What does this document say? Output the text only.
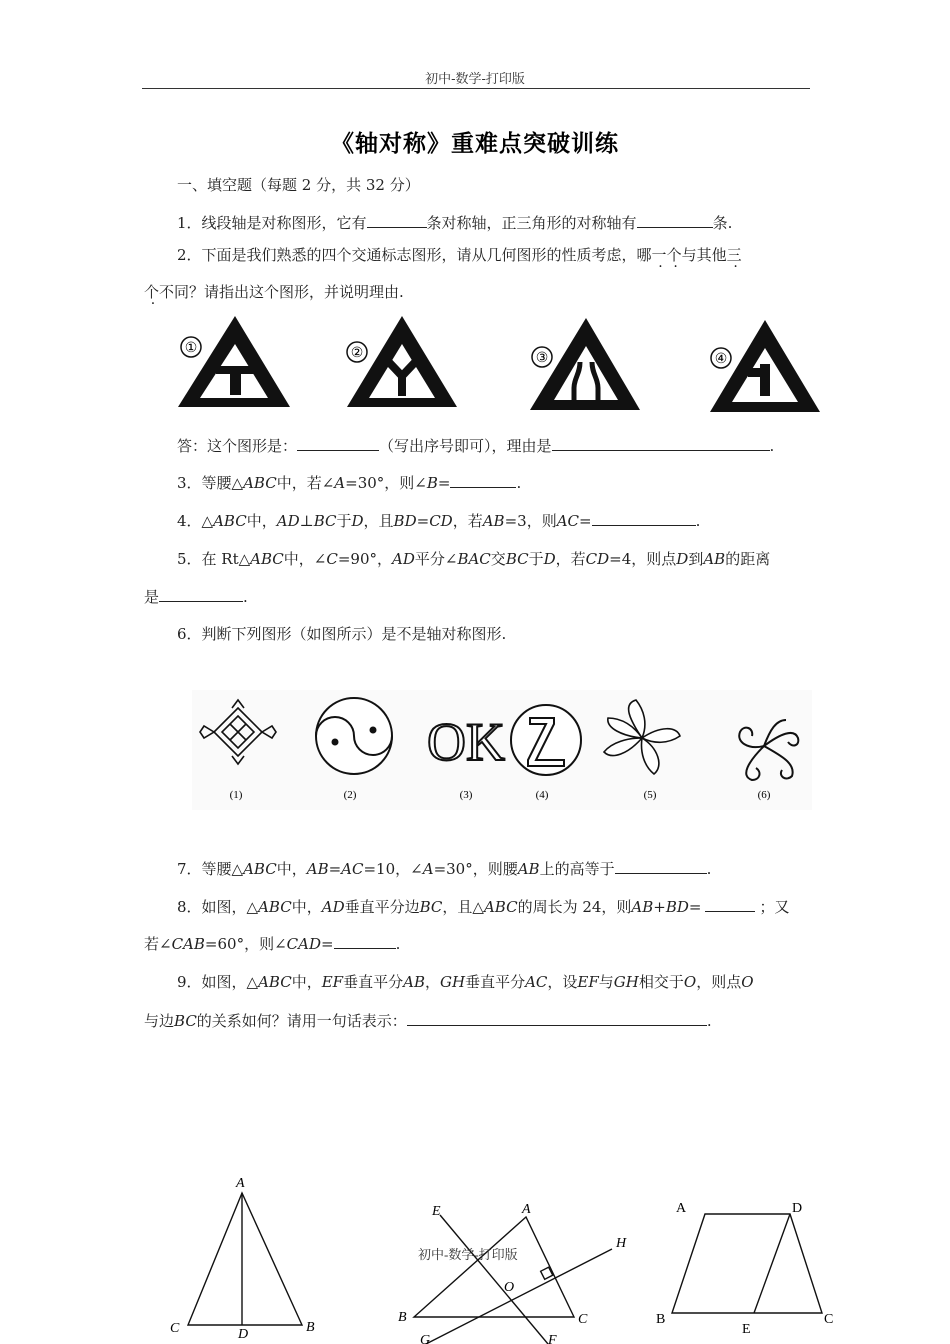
初中-数学-打印版
《轴对称》重难点突破训练
一、填空题（每题 2 分，共 32 分）
1．线段轴是对称图形，它有	条对称轴，正三角形的对称轴有	条.
2．下面是我们熟悉的四个交通标志图形，请从几何图形的性质考虑，哪一个与其他三
个不同？请指出这个图形，并说明理由.
①	②	③	④
答：这个图形是：	（写出序号即可），理由是	.
3．等腰△ABC中，若∠A=30°，则∠B=	.
4．△ABC中，AD⊥BC于D，且BD=CD，若AB=3，则AC=	.
5．在 Rt△ABC中，∠C=90°，AD平分∠BAC交BC于D，若CD=4，则点D到AB的距离
是	.
6．判断下列图形（如图所示）是不是轴对称图形.
(1)	(2)
OK
(3)	(4)	(5)	(6)
7．等腰△ABC中，AB=AC=10，∠A=30°，则腰AB上的高等于	.
8．如图，△ABC中，AD垂直平分边BC，且△ABC的周长为 24，则AB+BD=	；又
若∠CAB=60°，则∠CAD=	.
9．如图，△ABC中，EF垂直平分AB，GH垂直平分AC，设EF与GH相交于O，则点O
与边BC的关系如何？请用一句话表示：	.
A
C	B
D
E	A
H
O
B	C
G	F
初中-数学-打印版
A	D
B
E
C
